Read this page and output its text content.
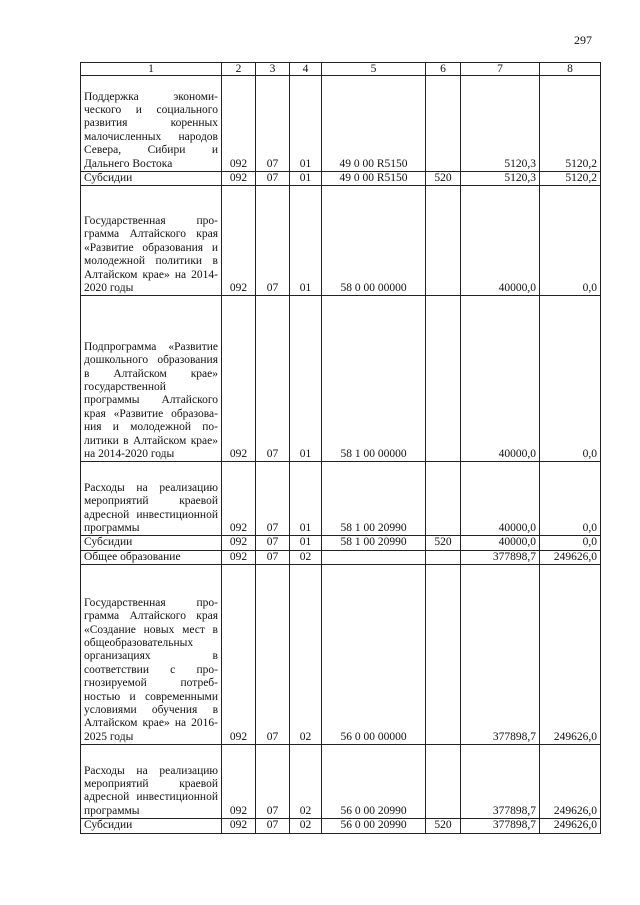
297
1	2	3	4	5	6	7	8
Поддержка экономического и социального развития коренных малочисленных народов Севера, Сибири и Дальнего Востока	092	07	01	49 0 00 R5150		5120,3	5120,2
Субсидии	092	07	01	49 0 00 R5150	520	5120,3	5120,2
Государственная программа Алтайского края «Развитие образования и молодежной политики в Алтайском крае» на 2014-2020 годы	092	07	01	58 0 00 00000		40000,0	0,0
Подпрограмма «Развитие дошкольного образования в Алтайском крае» государственной программы Алтайского края «Развитие образования и молодежной политики в Алтайском крае» на 2014-2020 годы	092	07	01	58 1 00 00000		40000,0	0,0
Расходы на реализацию мероприятий краевой адресной инвестиционной программы	092	07	01	58 1 00 20990		40000,0	0,0
Субсидии	092	07	01	58 1 00 20990	520	40000,0	0,0
Общее образование	092	07	02			377898,7	249626,0
Государственная программа Алтайского края «Создание новых мест в общеобразовательных организациях в соответствии с прогнозируемой потребностью и современными условиями обучения в Алтайском крае» на 2016-2025 годы	092	07	02	56 0 00 00000		377898,7	249626,0
Расходы на реализацию мероприятий краевой адресной инвестиционной программы	092	07	02	56 0 00 20990		377898,7	249626,0
Субсидии	092	07	02	56 0 00 20990	520	377898,7	249626,0
